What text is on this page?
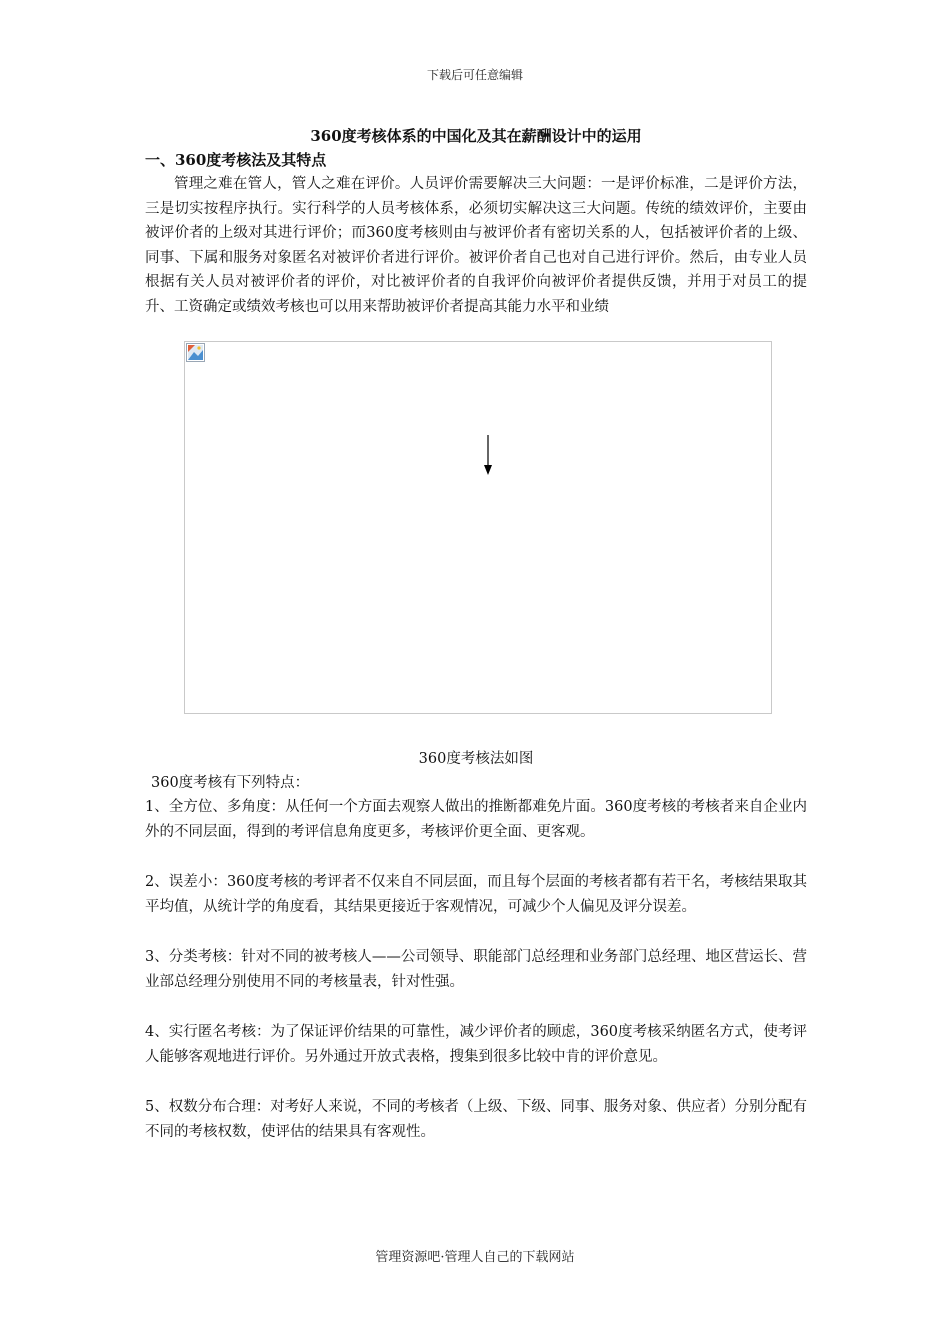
下载后可任意编辑

360度考核体系的中国化及其在薪酬设计中的运用

一、360度考核法及其特点

管理之难在管人，管人之难在评价。人员评价需要解决三大问题：一是评价标准，二是评价方法，三是切实按程序执行。实行科学的人员考核体系，必须切实解决这三大问题。传统的绩效评价，主要由被评价者的上级对其进行评价；而360度考核则由与被评价者有密切关系的人，包括被评价者的上级、同事、下属和服务对象匿名对被评价者进行评价。被评价者自己也对自己进行评价。然后，由专业人员根据有关人员对被评价者的评价，对比被评价者的自我评价向被评价者提供反馈，并用于对员工的提升、工资确定或绩效考核也可以用来帮助被评价者提高其能力水平和业绩

360度考核法如图

360度考核有下列特点：

1、全方位、多角度：从任何一个方面去观察人做出的推断都难免片面。360度考核的考核者来自企业内外的不同层面，得到的考评信息角度更多，考核评价更全面、更客观。

2、误差小：360度考核的考评者不仅来自不同层面，而且每个层面的考核者都有若干名，考核结果取其平均值，从统计学的角度看，其结果更接近于客观情况，可减少个人偏见及评分误差。

3、分类考核：针对不同的被考核人——公司领导、职能部门总经理和业务部门总经理、地区营运长、营业部总经理分别使用不同的考核量表，针对性强。

4、实行匿名考核：为了保证评价结果的可靠性，减少评价者的顾虑，360度考核采纳匿名方式，使考评人能够客观地进行评价。另外通过开放式表格，搜集到很多比较中肯的评价意见。

5、权数分布合理：对考好人来说，不同的考核者（上级、下级、同事、服务对象、供应者）分别分配有不同的考核权数，使评估的结果具有客观性。

管理资源吧·管理人自己的下载网站
